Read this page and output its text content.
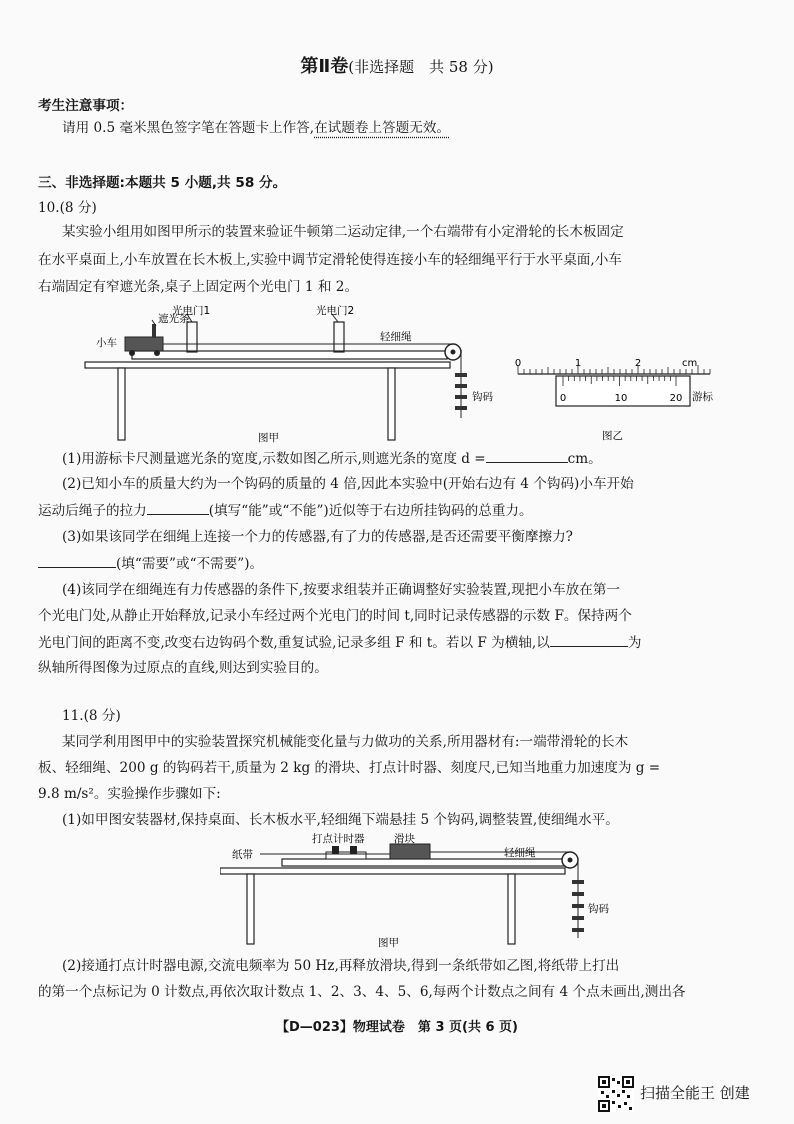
第Ⅱ卷(非选择题　共 58 分)
考生注意事项：
请用 0.5 毫米黑色签字笔在答题卡上作答,在试题卷上答题无效。
三、非选择题:本题共 5 小题,共 58 分。
10.(8 分)
某实验小组用如图甲所示的装置来验证牛顿第二运动定律,一个右端带有小定滑轮的长木板固定
在水平桌面上,小车放置在长木板上,实验中调节定滑轮使得连接小车的轻细绳平行于水平桌面,小车
右端固定有窄遮光条,桌子上固定两个光电门 1 和 2。
遮光条
光电门1	光电门2
小车	轻细绳
钩码
图甲
0	1	2	cm
0	10	20 游标
图乙
(1)用游标卡尺测量遮光条的宽度,示数如图乙所示,则遮光条的宽度 d =	cm。
(2)已知小车的质量大约为一个钩码的质量的 4 倍,因此本实验中(开始右边有 4 个钩码)小车开始
运动后绳子的拉力	(填写“能”或“不能”)近似等于右边所挂钩码的总重力。
(3)如果该同学在细绳上连接一个力的传感器,有了力的传感器,是否还需要平衡摩擦力?
(填“需要”或“不需要”)。
(4)该同学在细绳连有力传感器的条件下,按要求组装并正确调整好实验装置,现把小车放在第一
个光电门处,从静止开始释放,记录小车经过两个光电门的时间 t,同时记录传感器的示数 F。保持两个
光电门间的距离不变,改变右边钩码个数,重复试验,记录多组 F 和 t。若以 F 为横轴,以	为
纵轴所得图像为过原点的直线,则达到实验目的。
11.(8 分)
某同学利用图甲中的实验装置探究机械能变化量与力做功的关系,所用器材有:一端带滑轮的长木
板、轻细绳、200 g 的钩码若干,质量为 2 kg 的滑块、打点计时器、刻度尺,已知当地重力加速度为 g =
9.8 m/s²。实验操作步骤如下:
(1)如甲图安装器材,保持桌面、长木板水平,轻细绳下端悬挂 5 个钩码,调整装置,使细绳水平。
打点计时器	滑块
纸带	轻细绳
钩码
图甲
(2)接通打点计时器电源,交流电频率为 50 Hz,再释放滑块,得到一条纸带如乙图,将纸带上打出
的第一个点标记为 0 计数点,再依次取计数点 1、2、3、4、5、6,每两个计数点之间有 4 个点未画出,测出各
【D—023】物理试卷　第 3 页(共 6 页)
扫描全能王 创建
